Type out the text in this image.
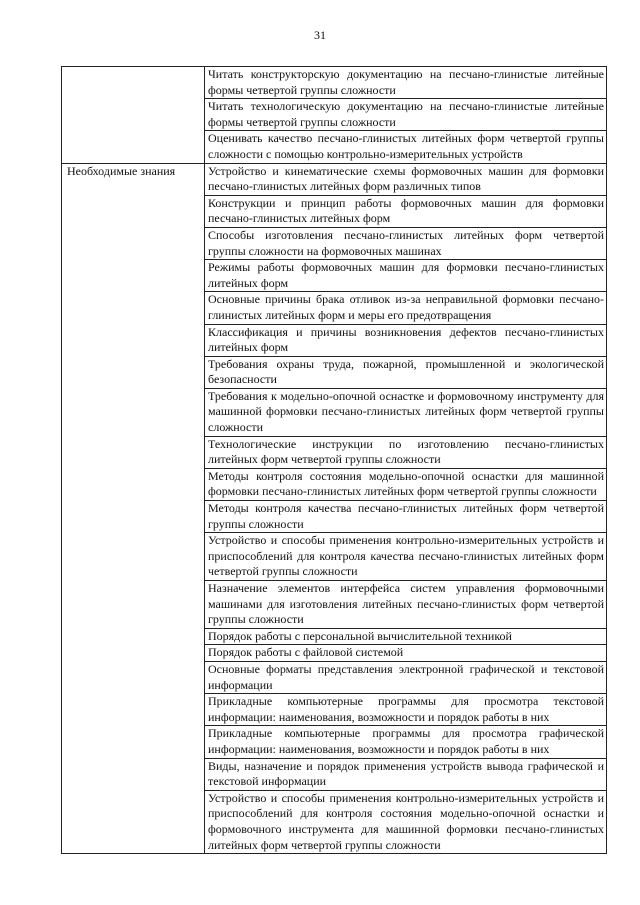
31
	Читать конструкторскую документацию на песчано-глинистые литейные формы четвертой группы сложности
	Читать технологическую документацию на песчано-глинистые литейные формы четвертой группы сложности
	Оценивать качество песчано-глинистых литейных форм четвертой группы сложности с помощью контрольно-измерительных устройств
Необходимые знания	Устройство и кинематические схемы формовочных машин для формовки песчано-глинистых литейных форм различных типов
	Конструкции и принцип работы формовочных машин для формовки песчано-глинистых литейных форм
	Способы изготовления песчано-глинистых литейных форм четвертой группы сложности на формовочных машинах
	Режимы работы формовочных машин для формовки песчано-глинистых литейных форм
	Основные причины брака отливок из-за неправильной формовки песчано-глинистых литейных форм и меры его предотвращения
	Классификация и причины возникновения дефектов песчано-глинистых литейных форм
	Требования охраны труда, пожарной, промышленной и экологической безопасности
	Требования к модельно-опочной оснастке и формовочному инструменту для машинной формовки песчано-глинистых литейных форм четвертой группы сложности
	Технологические инструкции по изготовлению песчано-глинистых литейных форм четвертой группы сложности
	Методы контроля состояния модельно-опочной оснастки для машинной формовки песчано-глинистых литейных форм четвертой группы сложности
	Методы контроля качества песчано-глинистых литейных форм четвертой группы сложности
	Устройство и способы применения контрольно-измерительных устройств и приспособлений для контроля качества песчано-глинистых литейных форм четвертой группы сложности
	Назначение элементов интерфейса систем управления формовочными машинами для изготовления литейных песчано-глинистых форм четвертой группы сложности
	Порядок работы с персональной вычислительной техникой
	Порядок работы с файловой системой
	Основные форматы представления электронной графической и текстовой информации
	Прикладные компьютерные программы для просмотра текстовой информации: наименования, возможности и порядок работы в них
	Прикладные компьютерные программы для просмотра графической информации: наименования, возможности и порядок работы в них
	Виды, назначение и порядок применения устройств вывода графической и текстовой информации
	Устройство и способы применения контрольно-измерительных устройств и приспособлений для контроля состояния модельно-опочной оснастки и формовочного инструмента для машинной формовки песчано-глинистых литейных форм четвертой группы сложности
